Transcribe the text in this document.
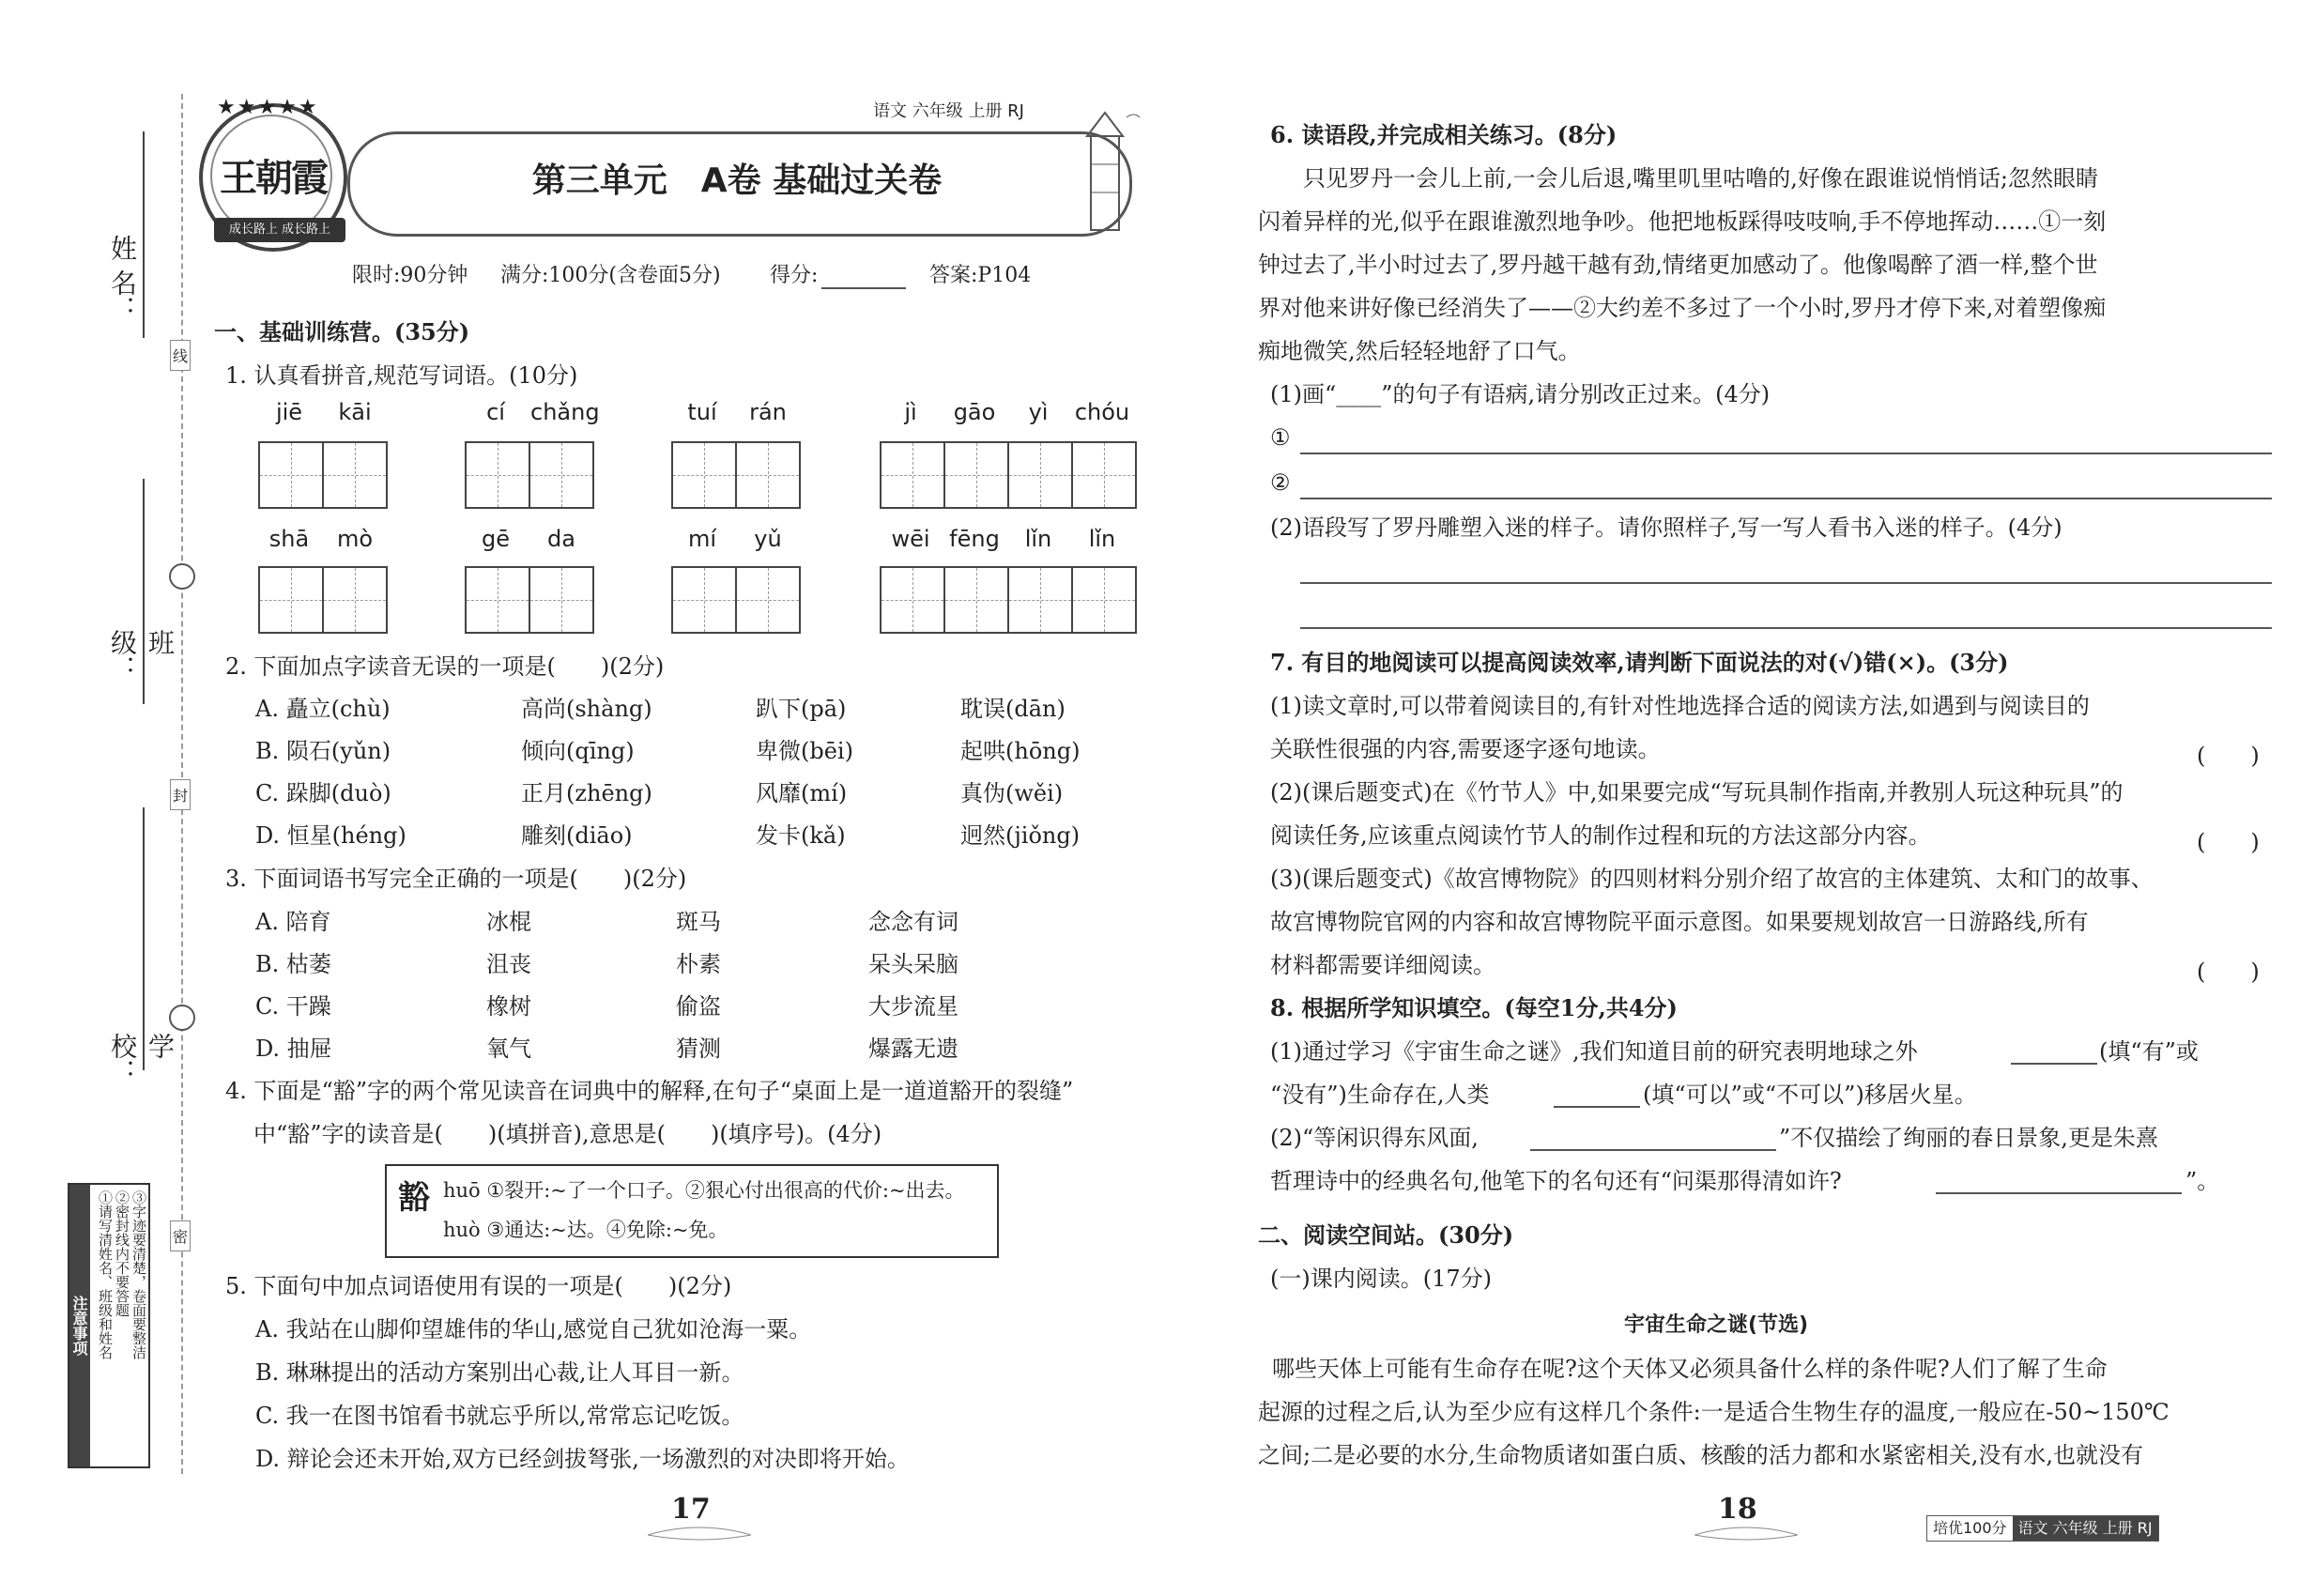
姓 名：
班 级：
学 校：
线
封
密
注意事项 ①请写清姓名、班级和姓名 ②密封线内不要答题 ③字迹要清楚，卷面要整洁
王朝霞
★★★★★
成长路上 成长路上
语文 六年级 上册 RJ
第三单元　A卷 基础过关卷
限时:90分钟 满分:100分(含卷面5分) 得分:	答案:P104
一、基础训练营。(35分)
1. 认真看拼音,规范写词语。(10分)
jiē	kāi	cí	chǎng	tuí	rán	jì	gāo	yì	chóu
shā	mò	gē	da	mí	yǔ	wēi fēng	lǐn	lǐn
2. 下面加点字读音无误的一项是(　　)(2分)
A. 矗立(chù)	高尚(shàng)	趴下(pā)	耽误(dān)
B. 陨石(yǔn)	倾向(qīng)	卑微(bēi)	起哄(hōng)
C. 跺脚(duò)	正月(zhēng)	风靡(mí)	真伪(wěi)
D. 恒星(héng)	雕刻(diāo)	发卡(kǎ)	迥然(jiǒng)
3. 下面词语书写完全正确的一项是(　　)(2分)
A. 陪育	冰棍	斑马	念念有词
B. 枯萎	沮丧	朴素	呆头呆脑
C. 干躁	橡树	偷盗	大步流星
D. 抽屉	氧气	猜测	爆露无遗
4. 下面是“豁”字的两个常见读音在词典中的解释,在句子“桌面上是一道道豁开的裂缝”
中“豁”字的读音是(　　)(填拼音),意思是(　　)(填序号)。(4分)
豁 huō ①裂开:~了一个口子。②狠心付出很高的代价:~出去。
huò ③通达:~达。④免除:~免。
5. 下面句中加点词语使用有误的一项是(　　)(2分)
A. 我站在山脚仰望雄伟的华山,感觉自己犹如沧海一粟。
B. 琳琳提出的活动方案别出心裁,让人耳目一新。
C. 我一在图书馆看书就忘乎所以,常常忘记吃饭。
D. 辩论会还未开始,双方已经剑拔弩张,一场激烈的对决即将开始。
17
6. 读语段,并完成相关练习。(8分)
只见罗丹一会儿上前,一会儿后退,嘴里叽里咕噜的,好像在跟谁说悄悄话;忽然眼睛
闪着异样的光,似乎在跟谁激烈地争吵。他把地板踩得吱吱响,手不停地挥动……①一刻
钟过去了,半小时过去了,罗丹越干越有劲,情绪更加感动了。他像喝醉了酒一样,整个世
界对他来讲好像已经消失了——②大约差不多过了一个小时,罗丹才停下来,对着塑像痴
痴地微笑,然后轻轻地舒了口气。
(1)画“____”的句子有语病,请分别改正过来。(4分)
①
②
(2)语段写了罗丹雕塑入迷的样子。请你照样子,写一写人看书入迷的样子。(4分)
7. 有目的地阅读可以提高阅读效率,请判断下面说法的对(√)错(×)。(3分)
(1)读文章时,可以带着阅读目的,有针对性地选择合适的阅读方法,如遇到与阅读目的
关联性很强的内容,需要逐字逐句地读。	(　　)
(2)(课后题变式)在《竹节人》中,如果要完成“写玩具制作指南,并教别人玩这种玩具”的
阅读任务,应该重点阅读竹节人的制作过程和玩的方法这部分内容。	(　　)
(3)(课后题变式)《故宫博物院》的四则材料分别介绍了故宫的主体建筑、太和门的故事、
故宫博物院官网的内容和故宫博物院平面示意图。如果要规划故宫一日游路线,所有
材料都需要详细阅读。	(　　)
8. 根据所学知识填空。(每空1分,共4分)
(1)通过学习《宇宙生命之谜》,我们知道目前的研究表明地球之外	(填“有”或
“没有”)生命存在,人类	(填“可以”或“不可以”)移居火星。
(2)“等闲识得东风面,	”不仅描绘了绚丽的春日景象,更是朱熹
哲理诗中的经典名句,他笔下的名句还有“问渠那得清如许?	”。
二、阅读空间站。(30分)
(一)课内阅读。(17分)
宇宙生命之谜(节选)
哪些天体上可能有生命存在呢?这个天体又必须具备什么样的条件呢?人们了解了生命
起源的过程之后,认为至少应有这样几个条件:一是适合生物生存的温度,一般应在-50~150℃
之间;二是必要的水分,生命物质诸如蛋白质、核酸的活力都和水紧密相关,没有水,也就没有
18
培优100分 语文 六年级 上册 RJ
